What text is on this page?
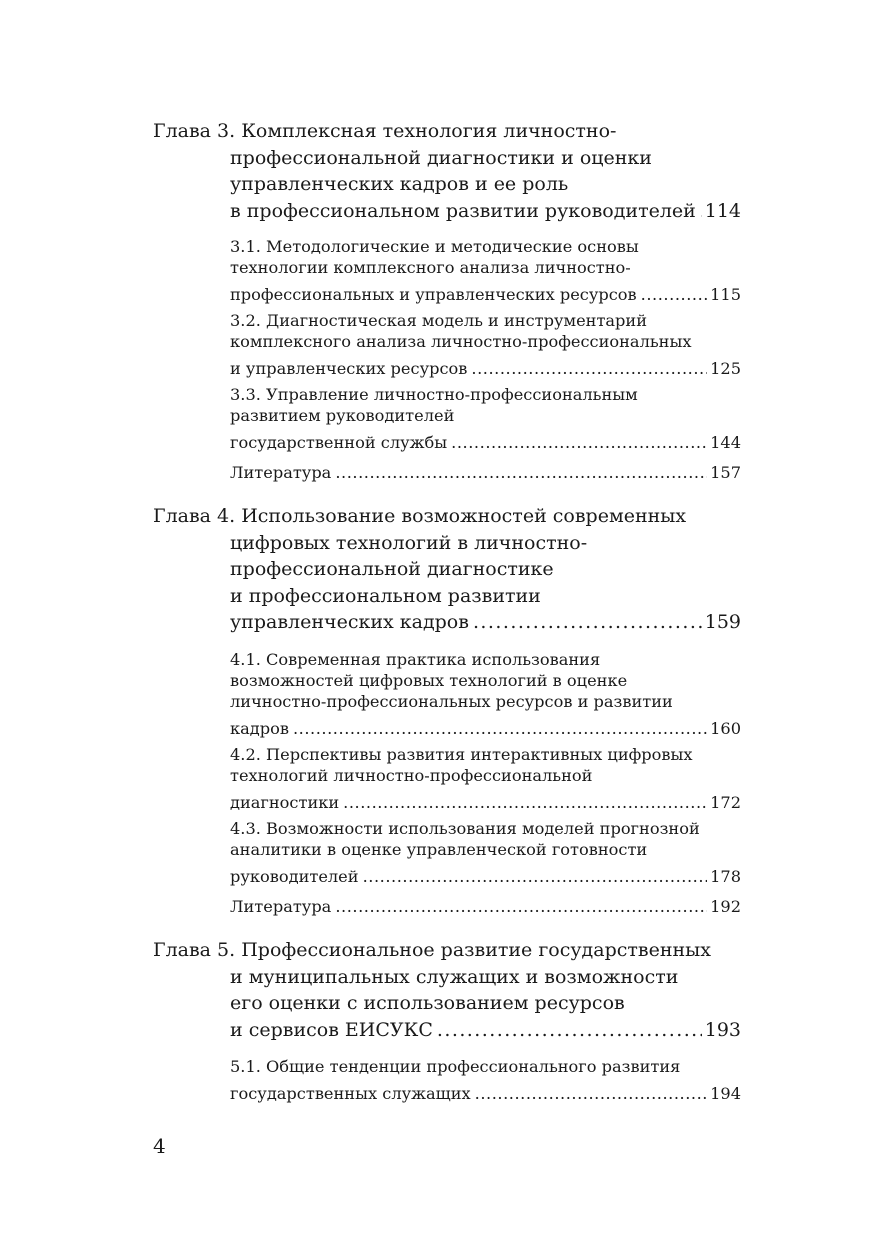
Глава 3. Комплексная технология личностно-
профессиональной диагностики и оценки
управленческих кадров и ее роль
в профессиональном развитии руководителей . . . 114
3.1. Методологические и методические основы
технологии комплексного анализа личностно-
профессиональных и управленческих ресурсов . . .	115
3.2. Диагностическая модель и инструментарий
комплексного анализа личностно-профессиональных
и управленческих ресурсов . . .	125
3.3. Управление личностно-профессиональным
развитием руководителей
государственной службы . . .	144
Литература . . .	157
Глава 4. Использование возможностей современных
цифровых технологий в личностно-
профессиональной диагностике
и профессиональном развитии
управленческих кадров . . .	159
4.1. Современная практика использования
возможностей цифровых технологий в оценке
личностно-профессиональных ресурсов и развитии
кадров . . .	160
4.2. Перспективы развития интерактивных цифровых
технологий личностно-профессиональной
диагностики . . .	172
4.3. Возможности использования моделей прогнозной
аналитики в оценке управленческой готовности
руководителей . . .	178
Литература . . .	192
Глава 5. Профессиональное развитие государственных
и муниципальных служащих и возможности
его оценки с использованием ресурсов
и сервисов ЕИСУКС . . .	193
5.1. Общие тенденции профессионального развития
государственных служащих . . .	194
4
